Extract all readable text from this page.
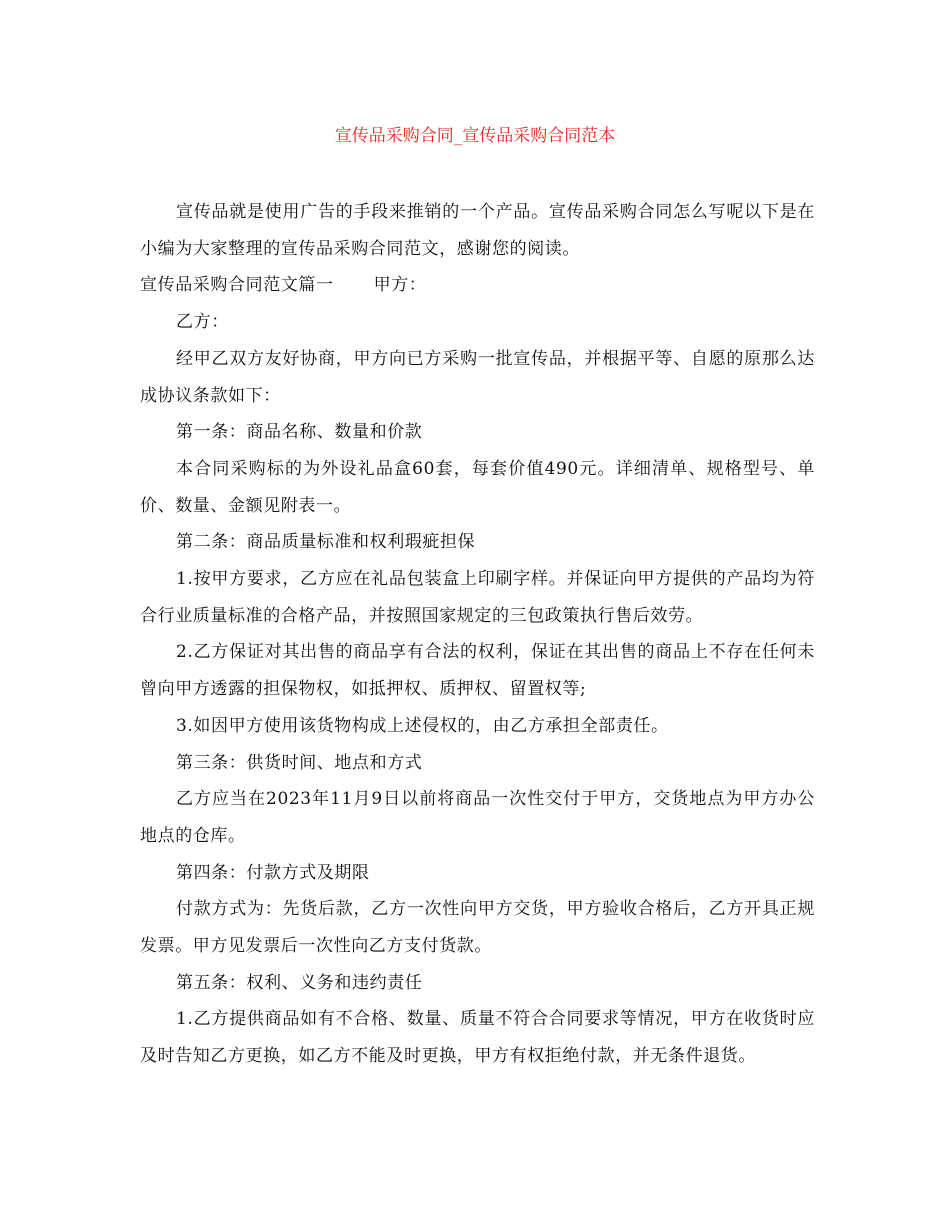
宣传品采购合同_宣传品采购合同范本

宣传品就是使用广告的手段来推销的一个产品。宣传品采购合同怎么写呢以下是在小编为大家整理的宣传品采购合同范文，感谢您的阅读。

宣传品采购合同范文篇一 甲方：

乙方：

经甲乙双方友好协商，甲方向已方采购一批宣传品，并根据平等、自愿的原那么达成协议条款如下：

第一条：商品名称、数量和价款

本合同采购标的为外设礼品盒60套，每套价值490元。详细清单、规格型号、单价、数量、金额见附表一。

第二条：商品质量标准和权利瑕疵担保

1.按甲方要求，乙方应在礼品包装盒上印刷字样。并保证向甲方提供的产品均为符合行业质量标准的合格产品，并按照国家规定的三包政策执行售后效劳。

2.乙方保证对其出售的商品享有合法的权利，保证在其出售的商品上不存在任何未曾向甲方透露的担保物权，如抵押权、质押权、留置权等;

3.如因甲方使用该货物构成上述侵权的，由乙方承担全部责任。

第三条：供货时间、地点和方式

乙方应当在2023年11月9日以前将商品一次性交付于甲方，交货地点为甲方办公地点的仓库。

第四条：付款方式及期限

付款方式为：先货后款，乙方一次性向甲方交货，甲方验收合格后，乙方开具正规发票。甲方见发票后一次性向乙方支付货款。

第五条：权利、义务和违约责任

1.乙方提供商品如有不合格、数量、质量不符合合同要求等情况，甲方在收货时应及时告知乙方更换，如乙方不能及时更换，甲方有权拒绝付款，并无条件退货。
